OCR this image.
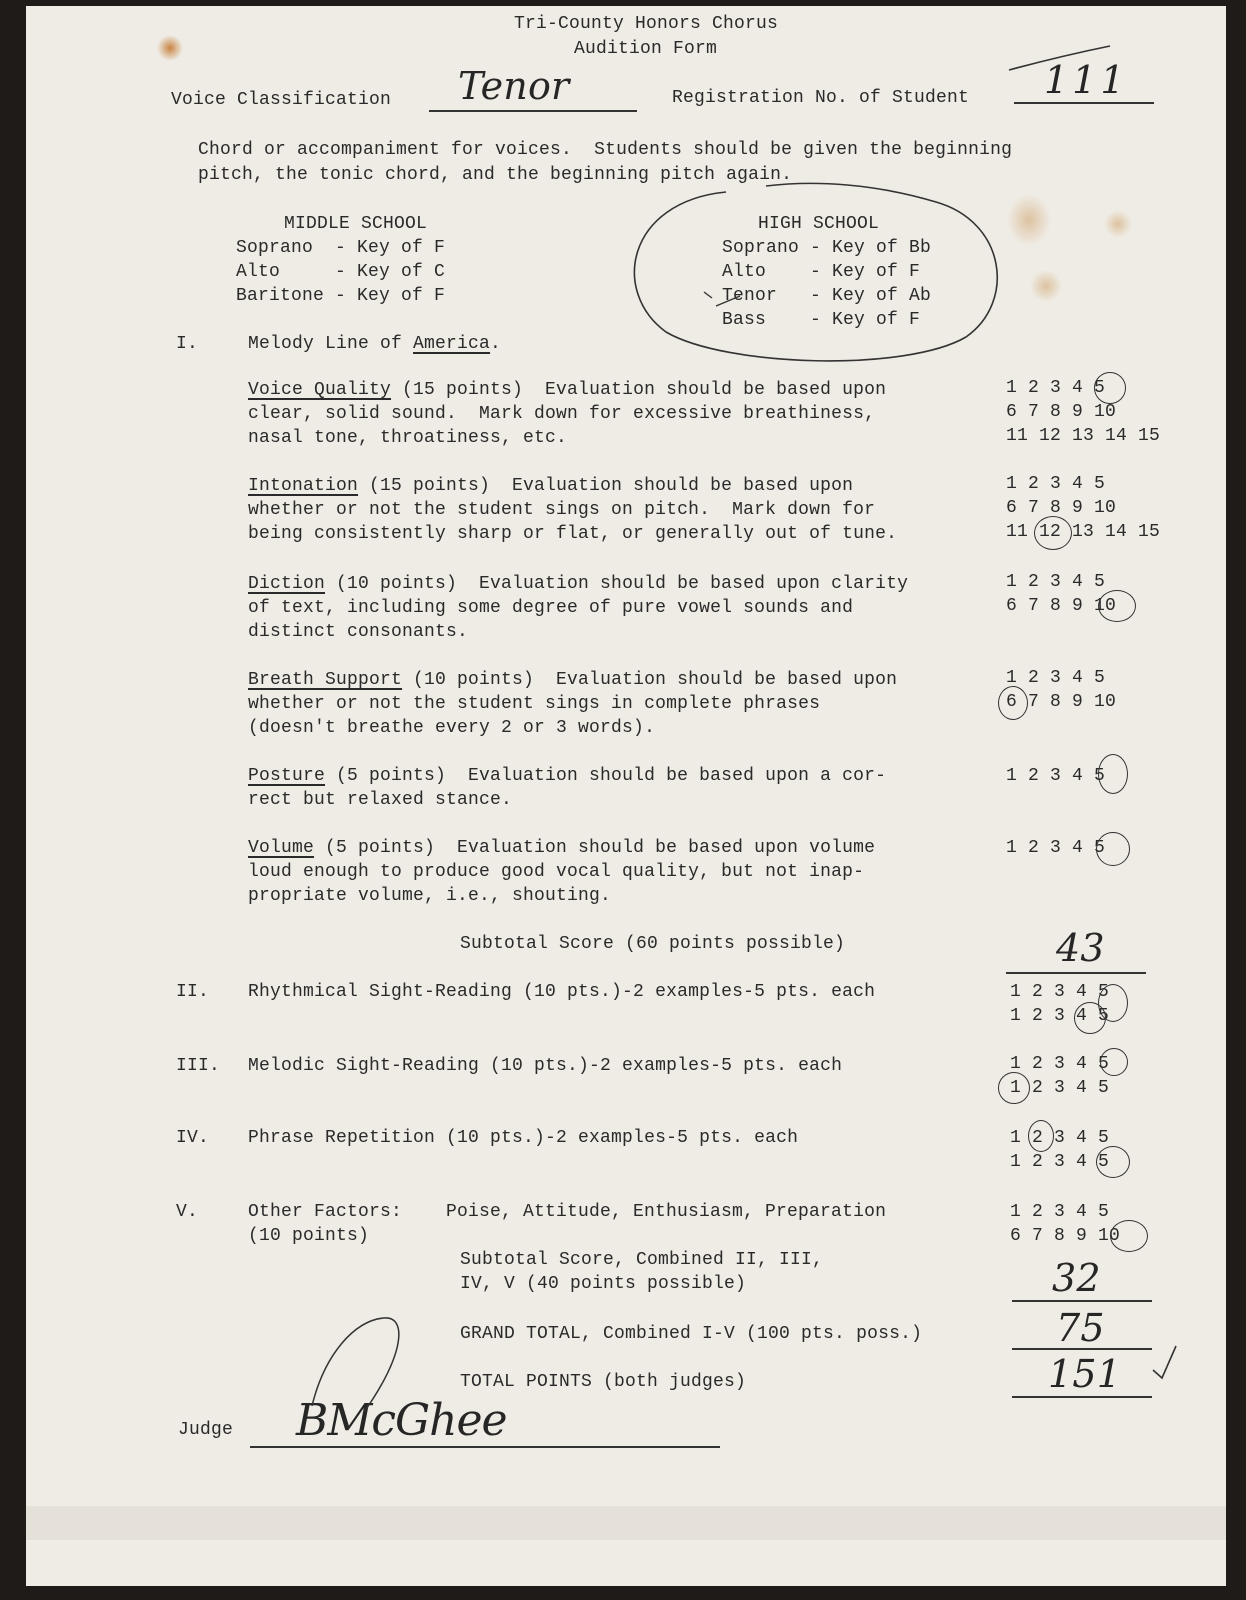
Tri-County Honors Chorus
Audition Form
Voice Classification Tenor	Registration No. of Student 111
Chord or accompaniment for voices.  Students should be given the beginning
pitch, the tonic chord, and the beginning pitch again.
MIDDLE SCHOOL
Soprano  - Key of F
Alto     - Key of C
Baritone - Key of F
HIGH SCHOOL
Soprano - Key of Bb
Alto    - Key of F
Tenor   - Key of Ab
Bass    - Key of F
I.	Melody Line of America.
Voice Quality (15 points)  Evaluation should be based upon
clear, solid sound.  Mark down for excessive breathiness,
nasal tone, throatiness, etc.
1 2 3 4 5
6 7 8 9 10
11 12 13 14 15
Intonation (15 points)  Evaluation should be based upon
whether or not the student sings on pitch.  Mark down for
being consistently sharp or flat, or generally out of tune.
1 2 3 4 5
6 7 8 9 10
11 12 13 14 15
Diction (10 points)  Evaluation should be based upon clarity
of text, including some degree of pure vowel sounds and
distinct consonants.
1 2 3 4 5
6 7 8 9 10
Breath Support (10 points)  Evaluation should be based upon
whether or not the student sings in complete phrases
(doesn't breathe every 2 or 3 words).
1 2 3 4 5
6 7 8 9 10
Posture (5 points)  Evaluation should be based upon a cor-
rect but relaxed stance.
1 2 3 4 5
Volume (5 points)  Evaluation should be based upon volume
loud enough to produce good vocal quality, but not inap-
propriate volume, i.e., shouting.
1 2 3 4 5
Subtotal Score (60 points possible)	43
II. Rhythmical Sight-Reading (10 pts.)-2 examples-5 pts. each	1 2 3 4 5
1 2 3 4 5
III. Melodic Sight-Reading (10 pts.)-2 examples-5 pts. each	1 2 3 4 5
1 2 3 4 5
IV. Phrase Repetition (10 pts.)-2 examples-5 pts. each	1 2 3 4 5
1 2 3 4 5
V.	Other Factors: Poise, Attitude, Enthusiasm, Preparation
(10 points)
1 2 3 4 5
6 7 8 9 10
Subtotal Score, Combined II, III,
IV, V (40 points possible)	32
GRAND TOTAL, Combined I-V (100 pts. poss.)	75
TOTAL POINTS (both judges)	151
Judge BMcGhee
